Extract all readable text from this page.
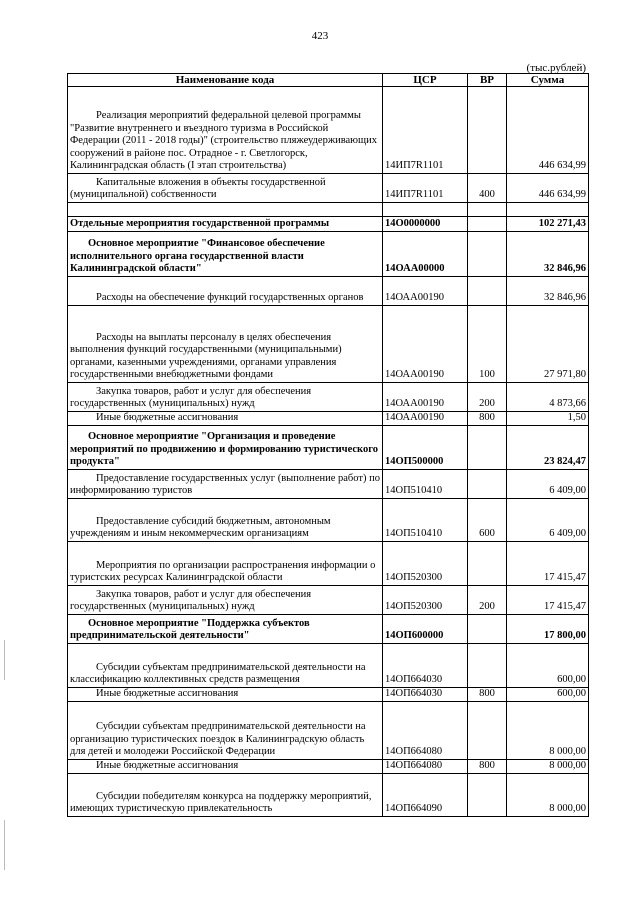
423
(тыс.рублей)
Наименование кода	ЦСР	ВР	Сумма
Реализация мероприятий федеральной целевой программы "Развитие внутреннего и въездного туризма в Российской Федерации (2011 - 2018 годы)" (строительство пляжеудерживающих сооружений в районе пос. Отрадное - г. Светлогорск, Калининградская область (I этап строительства)	14ИП7R1101		446 634,99
Капитальные вложения в объекты государственной (муниципальной) собственности	14ИП7R1101	400	446 634,99

Отдельные мероприятия государственной программы	14О0000000		102 271,43
Основное мероприятие "Финансовое обеспечение исполнительного органа государственной власти Калининградской области"	14ОАА00000		32 846,96
Расходы на обеспечение функций государственных органов	14ОАА00190		32 846,96
Расходы на выплаты персоналу в целях обеспечения выполнения функций государственными (муниципальными) органами, казенными учреждениями, органами управления государственными внебюджетными фондами	14ОАА00190	100	27 971,80
Закупка товаров, работ и услуг для обеспечения государственных (муниципальных) нужд	14ОАА00190	200	4 873,66
Иные бюджетные ассигнования	14ОАА00190	800	1,50
Основное мероприятие "Организация и проведение мероприятий по продвижению и формированию туристического продукта"	14ОП500000		23 824,47
Предоставление государственных услуг (выполнение работ) по информированию туристов	14ОП510410		6 409,00
Предоставление субсидий бюджетным, автономным учреждениям и иным некоммерческим организациям	14ОП510410	600	6 409,00
Мероприятия по организации распространения информации о туристских ресурсах Калининградской области	14ОП520300		17 415,47
Закупка товаров, работ и услуг для обеспечения государственных (муниципальных) нужд	14ОП520300	200	17 415,47
Основное мероприятие "Поддержка субъектов предпринимательской деятельности"	14ОП600000		17 800,00
Субсидии субъектам предпринимательской деятельности на классификацию коллективных средств размещения	14ОП664030		600,00
Иные бюджетные ассигнования	14ОП664030	800	600,00
Субсидии субъектам предпринимательской деятельности на организацию туристических поездок в Калининградскую область для детей и молодежи Российской Федерации	14ОП664080		8 000,00
Иные бюджетные ассигнования	14ОП664080	800	8 000,00
Субсидии победителям конкурса на поддержку мероприятий, имеющих туристическую привлекательность	14ОП664090		8 000,00
